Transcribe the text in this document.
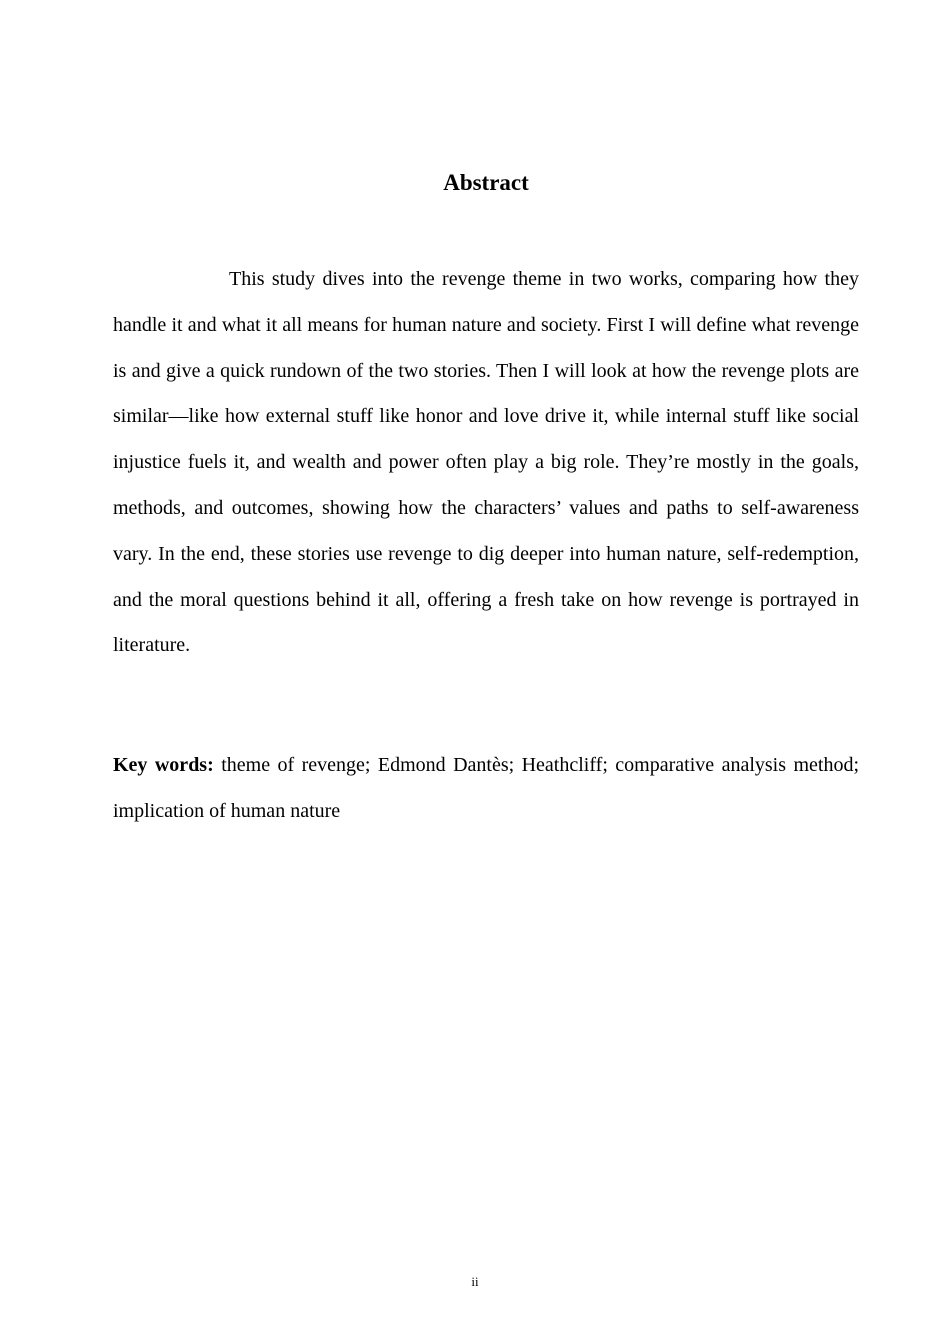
Abstract

This study dives into the revenge theme in two works, comparing how they handle it and what it all means for human nature and society. First I will define what revenge is and give a quick rundown of the two stories. Then I will look at how the revenge plots are similar—like how external stuff like honor and love drive it, while internal stuff like social injustice fuels it, and wealth and power often play a big role. They’re mostly in the goals, methods, and outcomes, showing how the characters’ values and paths to self-awareness vary. In the end, these stories use revenge to dig deeper into human nature, self-redemption, and the moral questions behind it all, offering a fresh take on how revenge is portrayed in literature.

Key words: theme of revenge; Edmond Dantès; Heathcliff; comparative analysis method; implication of human nature

ii
